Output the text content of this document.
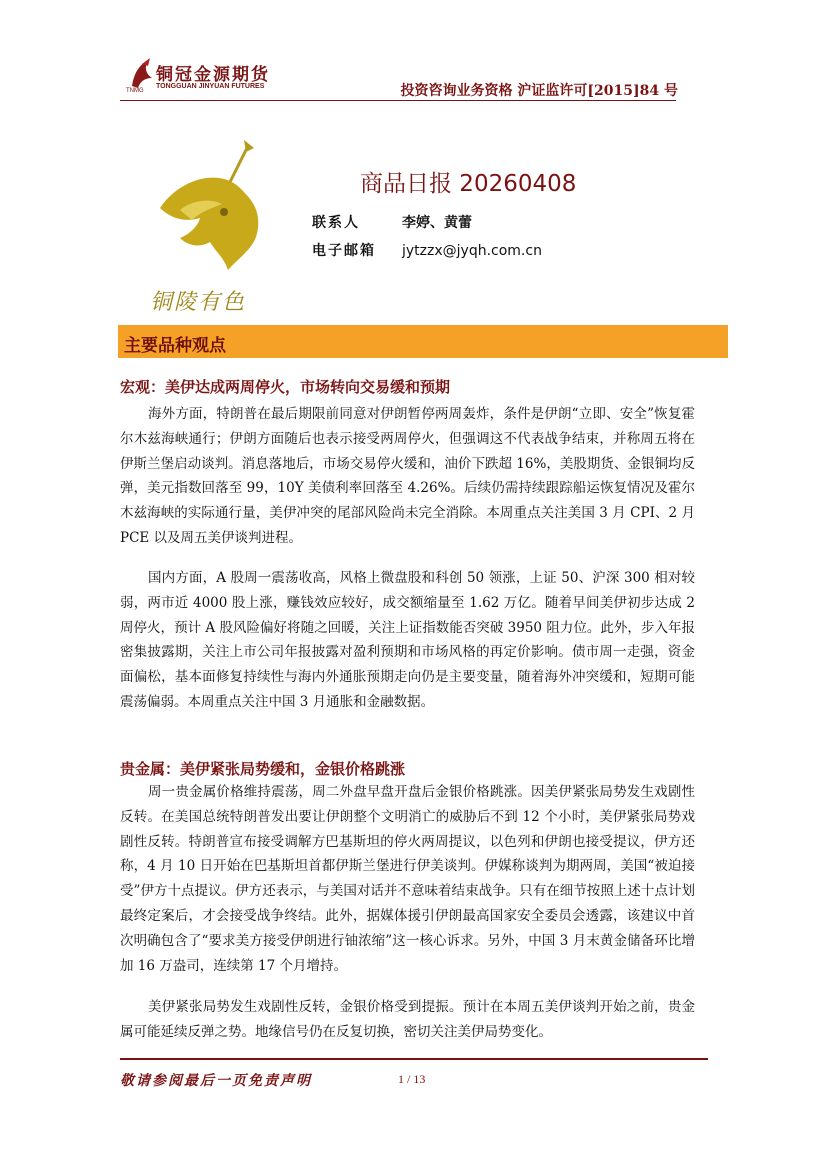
铜冠金源期货
TONGGUAN JINYUAN FUTURES
TNMG	投资咨询业务资格 沪证监许可[2015]84 号
铜陵有色
商品日报 20260408
联系人	李婷、黄蕾
电子邮箱 jytzzx@jyqh.com.cn
主要品种观点
宏观：美伊达成两周停火，市场转向交易缓和预期
海外方面，特朗普在最后期限前同意对伊朗暂停两周轰炸，条件是伊朗“立即、安全”恢复霍尔木兹海峡通行；伊朗方面随后也表示接受两周停火，但强调这不代表战争结束，并称周五将在伊斯兰堡启动谈判。消息落地后，市场交易停火缓和，油价下跌超 16%，美股期货、金银铜均反弹，美元指数回落至 99，10Y 美债利率回落至 4.26%。后续仍需持续跟踪船运恢复情况及霍尔木兹海峡的实际通行量，美伊冲突的尾部风险尚未完全消除。本周重点关注美国 3 月 CPI、2 月 PCE 以及周五美伊谈判进程。
国内方面，A 股周一震荡收高，风格上微盘股和科创 50 领涨，上证 50、沪深 300 相对较弱，两市近 4000 股上涨，赚钱效应较好，成交额缩量至 1.62 万亿。随着早间美伊初步达成 2 周停火，预计 A 股风险偏好将随之回暖，关注上证指数能否突破 3950 阻力位。此外，步入年报密集披露期，关注上市公司年报披露对盈利预期和市场风格的再定价影响。债市周一走强，资金面偏松，基本面修复持续性与海内外通胀预期走向仍是主要变量，随着海外冲突缓和，短期可能震荡偏弱。本周重点关注中国 3 月通胀和金融数据。
贵金属：美伊紧张局势缓和，金银价格跳涨
周一贵金属价格维持震荡，周二外盘早盘开盘后金银价格跳涨。因美伊紧张局势发生戏剧性反转。在美国总统特朗普发出要让伊朗整个文明消亡的威胁后不到 12 个小时，美伊紧张局势戏剧性反转。特朗普宣布接受调解方巴基斯坦的停火两周提议，以色列和伊朗也接受提议，伊方还称，4 月 10 日开始在巴基斯坦首都伊斯兰堡进行伊美谈判。伊媒称谈判为期两周，美国“被迫接受”伊方十点提议。伊方还表示，与美国对话并不意味着结束战争。只有在细节按照上述十点计划最终定案后，才会接受战争终结。此外，据媒体援引伊朗最高国家安全委员会透露，该建议中首次明确包含了“要求美方接受伊朗进行铀浓缩”这一核心诉求。另外，中国 3 月末黄金储备环比增加 16 万盎司，连续第 17 个月增持。
美伊紧张局势发生戏剧性反转，金银价格受到提振。预计在本周五美伊谈判开始之前，贵金属可能延续反弹之势。地缘信号仍在反复切换，密切关注美伊局势变化。
敬请参阅最后一页免责声明	1 / 13
